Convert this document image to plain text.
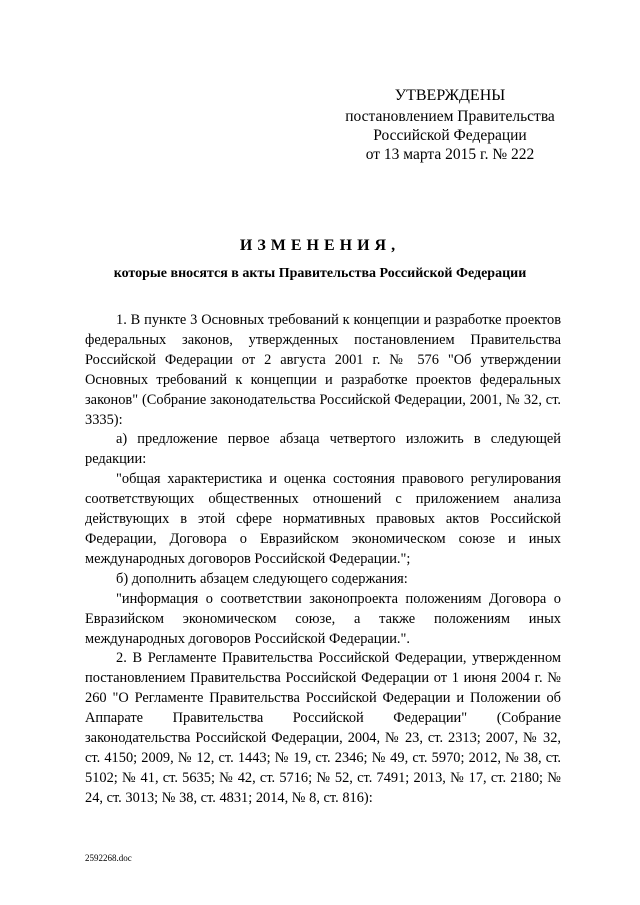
УТВЕРЖДЕНЫ
постановлением Правительства
Российской Федерации
от 13 марта 2015 г. № 222
ИЗМЕНЕНИЯ,
которые вносятся в акты Правительства Российской Федерации

1. В пункте 3 Основных требований к концепции и разработке проектов федеральных законов, утвержденных постановлением Правительства Российской Федерации от 2 августа 2001 г. № 576 "Об утверждении Основных требований к концепции и разработке проектов федеральных законов" (Собрание законодательства Российской Федерации, 2001, № 32, ст. 3335):

а) предложение первое абзаца четвертого изложить в следующей редакции:

"общая характеристика и оценка состояния правового регулирования соответствующих общественных отношений с приложением анализа действующих в этой сфере нормативных правовых актов Российской Федерации, Договора о Евразийском экономическом союзе и иных международных договоров Российской Федерации.";

б) дополнить абзацем следующего содержания:

"информация о соответствии законопроекта положениям Договора о Евразийском экономическом союзе, а также положениям иных международных договоров Российской Федерации.".

2. В Регламенте Правительства Российской Федерации, утвержденном постановлением Правительства Российской Федерации от 1 июня 2004 г. № 260 "О Регламенте Правительства Российской Федерации и Положении об Аппарате Правительства Российской Федерации" (Собрание законодательства Российской Федерации, 2004, № 23, ст. 2313; 2007, № 32, ст. 4150; 2009, № 12, ст. 1443; № 19, ст. 2346; № 49, ст. 5970; 2012, № 38, ст. 5102; № 41, ст. 5635; № 42, ст. 5716; № 52, ст. 7491; 2013, № 17, ст. 2180; № 24, ст. 3013; № 38, ст. 4831; 2014, № 8, ст. 816):

2592268.doc
